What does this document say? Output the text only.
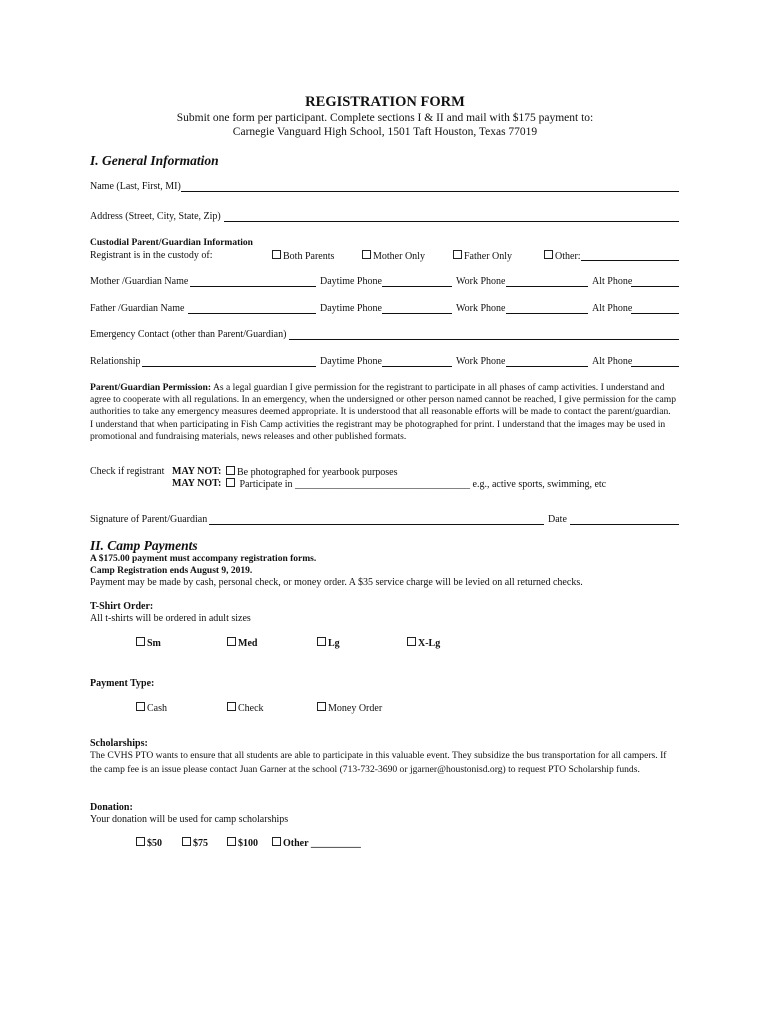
REGISTRATION FORM
Submit one form per participant. Complete sections I & II and mail with $175 payment to:
Carnegie Vanguard High School, 1501 Taft Houston, Texas 77019
I. General Information
Name (Last, First, MI)
Address (Street, City, State, Zip)
Custodial Parent/Guardian Information
Registrant is in the custody of:	Both Parents	Mother Only	Father Only	Other:
Mother /Guardian Name	Daytime Phone	Work Phone	Alt Phone
Father /Guardian Name	Daytime Phone	Work Phone	Alt Phone
Emergency Contact (other than Parent/Guardian)
Relationship	Daytime Phone	Work Phone	Alt Phone
Parent/Guardian Permission: As a legal guardian I give permission for the registrant to participate in all phases of camp activities. I understand and agree to cooperate with all regulations. In an emergency, when the undersigned or other person named cannot be reached, I give permission for the camp authorities to take any emergency measures deemed appropriate. It is understood that all reasonable efforts will be made to contact the parent/guardian.
I understand that when participating in Fish Camp activities the registrant may be photographed for print. I understand that the images may be used in promotional and fundraising materials, news releases and other published formats.
Check if registrant MAY NOT:	Be photographed for yearbook purposes
MAY NOT:	Participate in ___________________________________ e.g., active sports, swimming, etc
Signature of Parent/Guardian	Date
II. Camp Payments
A $175.00 payment must accompany registration forms.
Camp Registration ends August 9, 2019.
Payment may be made by cash, personal check, or money order. A $35 service charge will be levied on all returned checks.
T-Shirt Order:
All t-shirts will be ordered in adult sizes
Sm	Med	Lg	X-Lg
Payment Type:
Cash	Check	Money Order
Scholarships:
The CVHS PTO wants to ensure that all students are able to participate in this valuable event. They subsidize the bus transportation for all campers. If the camp fee is an issue please contact Juan Garner at the school (713-732-3690 or jgarner@houstonisd.org) to request PTO Scholarship funds.
Donation:
Your donation will be used for camp scholarships
$50	$75	$100	Other __________
